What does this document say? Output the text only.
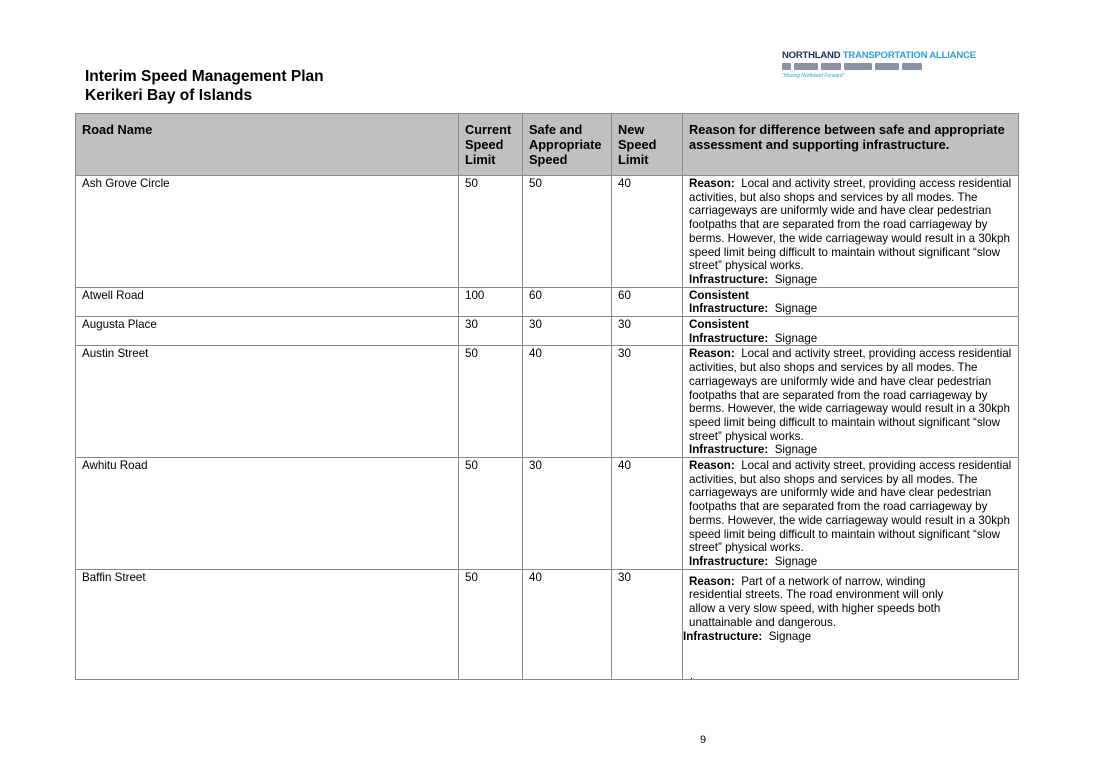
Interim Speed Management Plan
Kerikeri Bay of Islands
NORTHLAND TRANSPORTATION ALLIANCE
"Moving Northland Forward"
Road Name	Current Speed Limit	Safe and Appropriate Speed	New Speed Limit	Reason for difference between safe and appropriate assessment and supporting infrastructure.
Ash Grove Circle	50	50	40	Reason: Local and activity street, providing access residential activities, but also shops and services by all modes. The carriageways are uniformly wide and have clear pedestrian footpaths that are separated from the road carriageway by berms. However, the wide carriageway would result in a 30kph speed limit being difficult to maintain without significant “slow street” physical works.
Infrastructure: Signage
Atwell Road	100	60	60	Consistent
Infrastructure: Signage
Augusta Place	30	30	30	Consistent
Infrastructure: Signage
Austin Street	50	40	30	Reason: Local and activity street, providing access residential activities, but also shops and services by all modes. The carriageways are uniformly wide and have clear pedestrian footpaths that are separated from the road carriageway by berms. However, the wide carriageway would result in a 30kph speed limit being difficult to maintain without significant “slow street” physical works.
Infrastructure: Signage
Awhitu Road	50	30	40	Reason: Local and activity street, providing access residential activities, but also shops and services by all modes. The carriageways are uniformly wide and have clear pedestrian footpaths that are separated from the road carriageway by berms. However, the wide carriageway would result in a 30kph speed limit being difficult to maintain without significant “slow street” physical works.
Infrastructure: Signage
Baffin Street	50	40	30	Reason: Part of a network of narrow, winding residential streets. The road environment will only allow a very slow speed, with higher speeds both unattainable and dangerous.
Infrastructure: Signage
.
9
